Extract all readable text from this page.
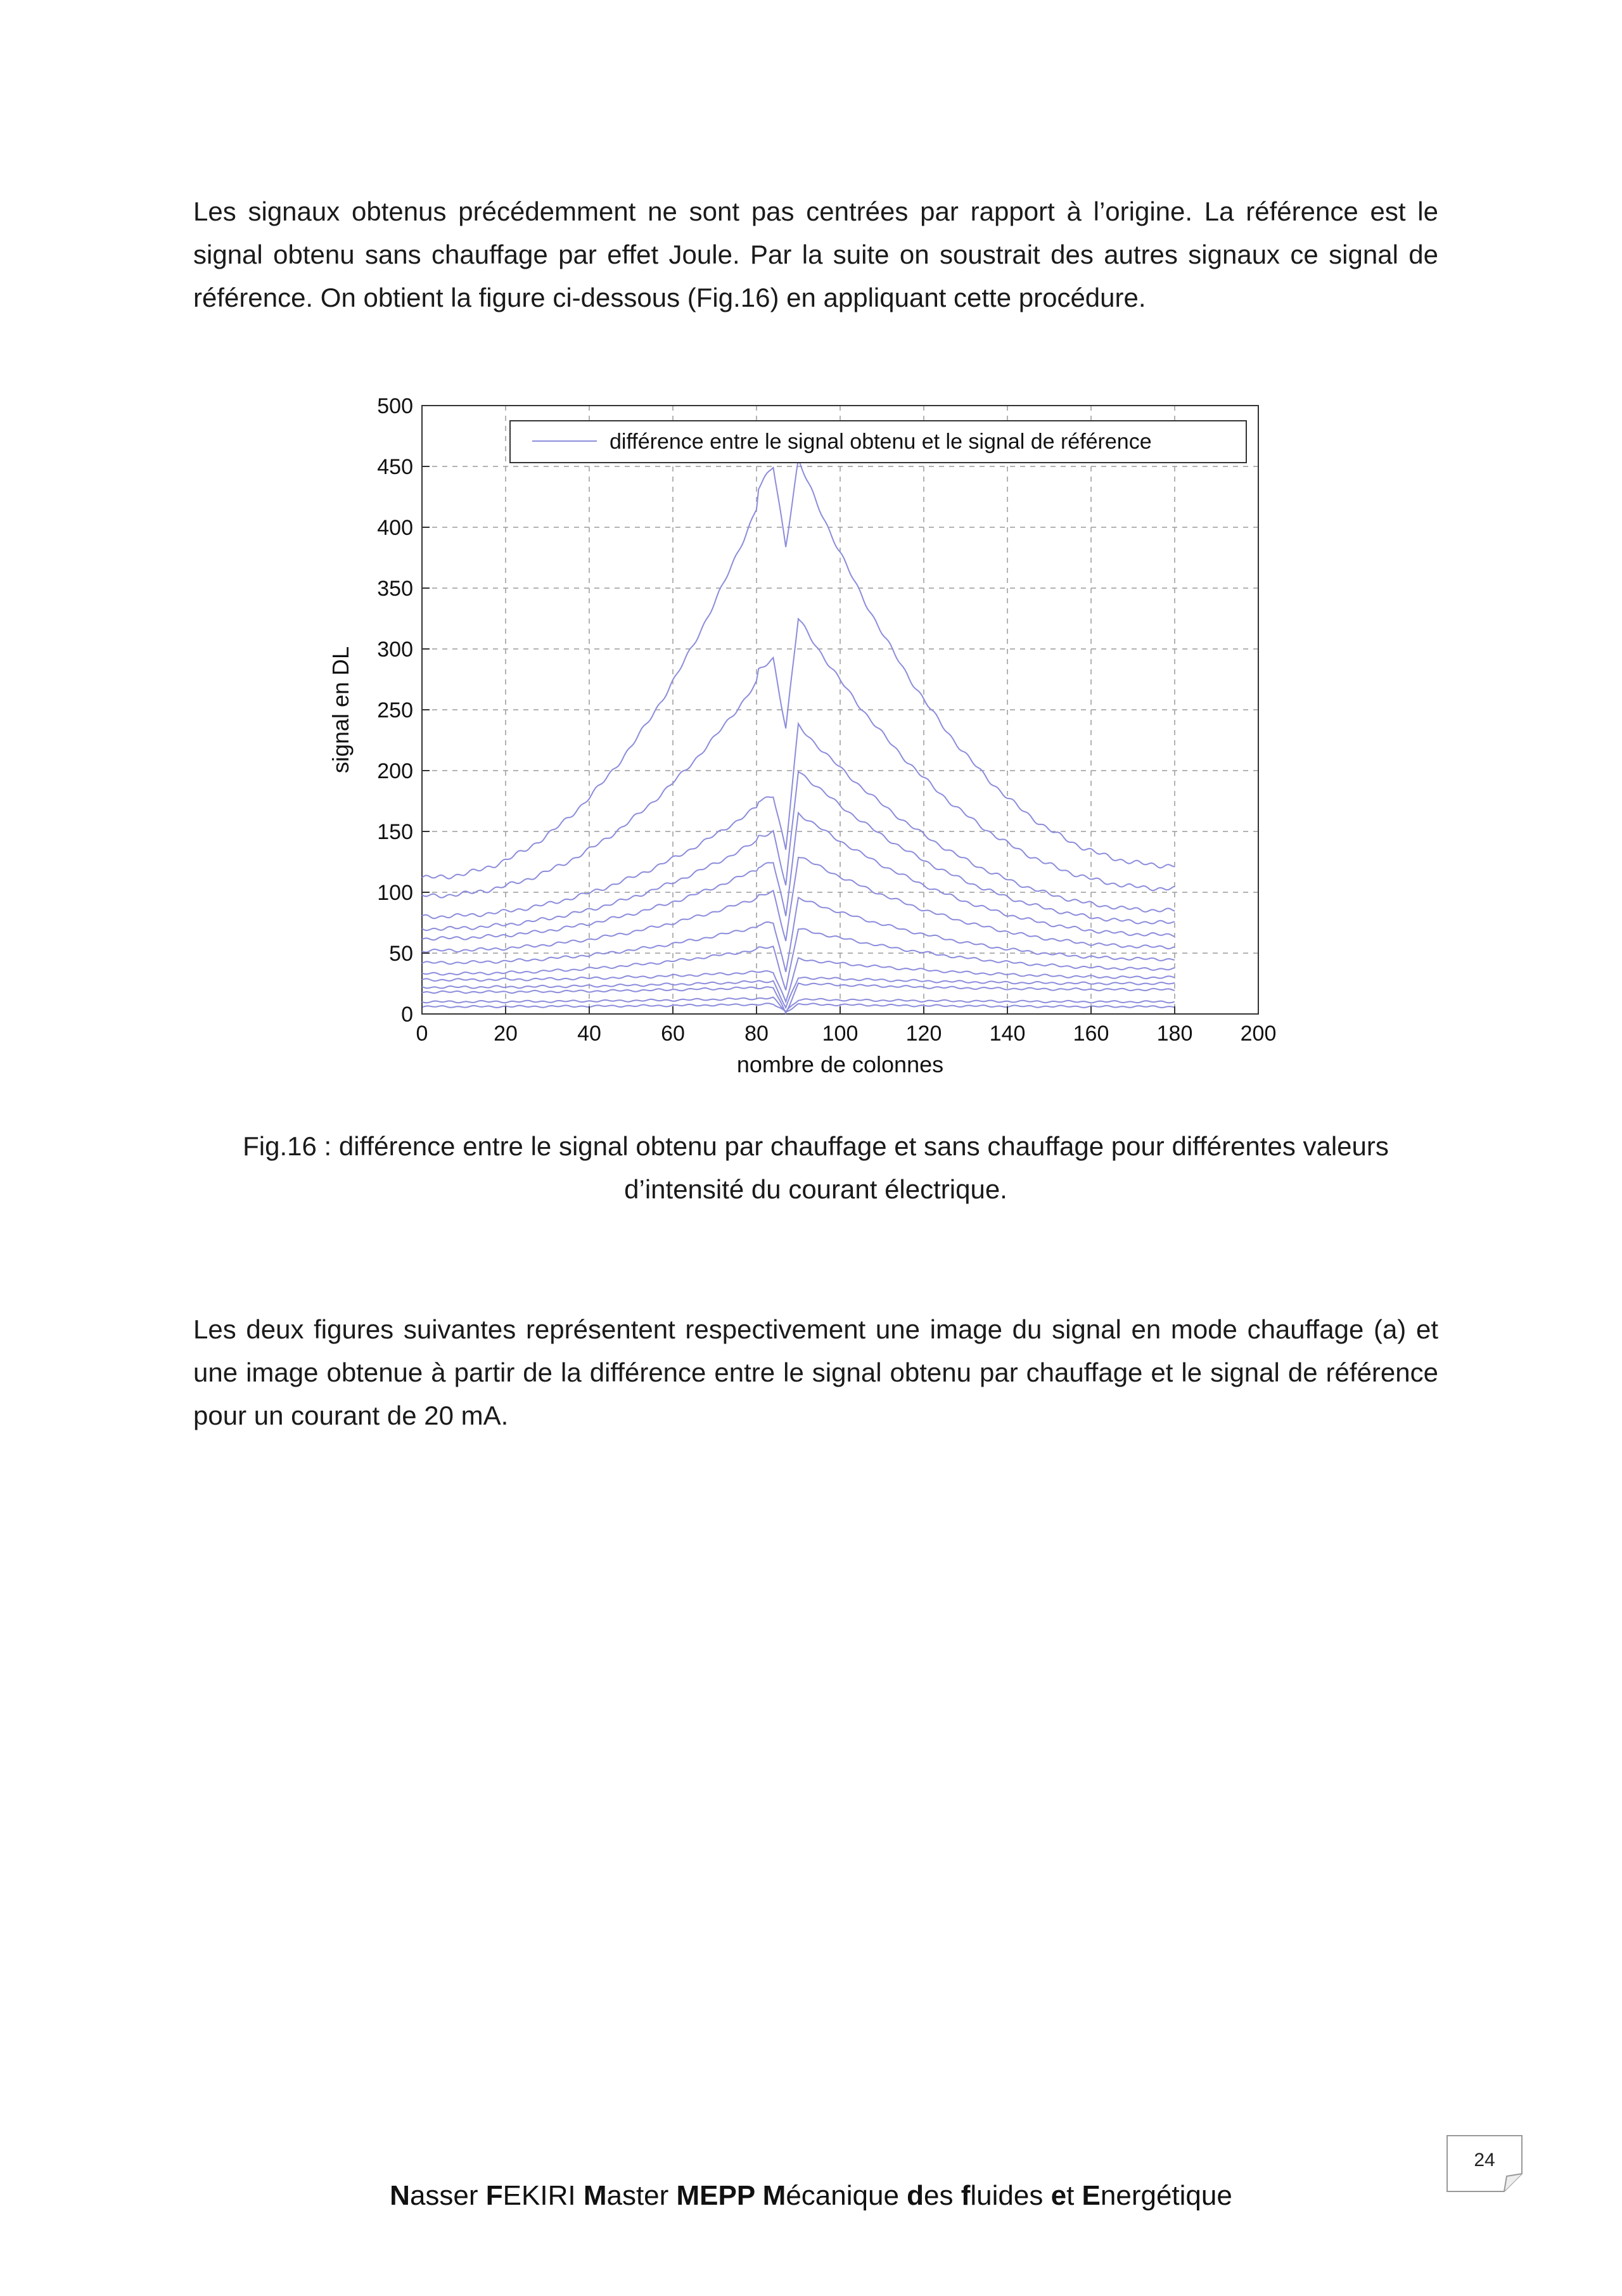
Les signaux obtenus précédemment ne sont pas centrées par rapport à l’origine. La référence est le signal obtenu sans chauffage par effet Joule. Par la suite on soustrait des autres signaux ce signal de référence. On obtient la figure ci-dessous (Fig.16) en appliquant cette procédure.

0	20	40	60	80 100 120 140 160 180 200
0
50
100
150
200
250
300
350
400
450
500
différence entre le signal obtenu et le signal de référence
nombre de colonnes
signal en DL

Fig.16 : différence entre le signal obtenu par chauffage et sans chauffage pour différentes valeurs d’intensité du courant électrique.

Les deux figures suivantes représentent respectivement une image du signal en mode chauffage (a) et une image obtenue à partir de la différence entre le signal obtenu par chauffage et le signal de référence pour un courant de 20 mA.

24
Nasser FEKIRI Master MEPP Mécanique des fluides et Energétique
